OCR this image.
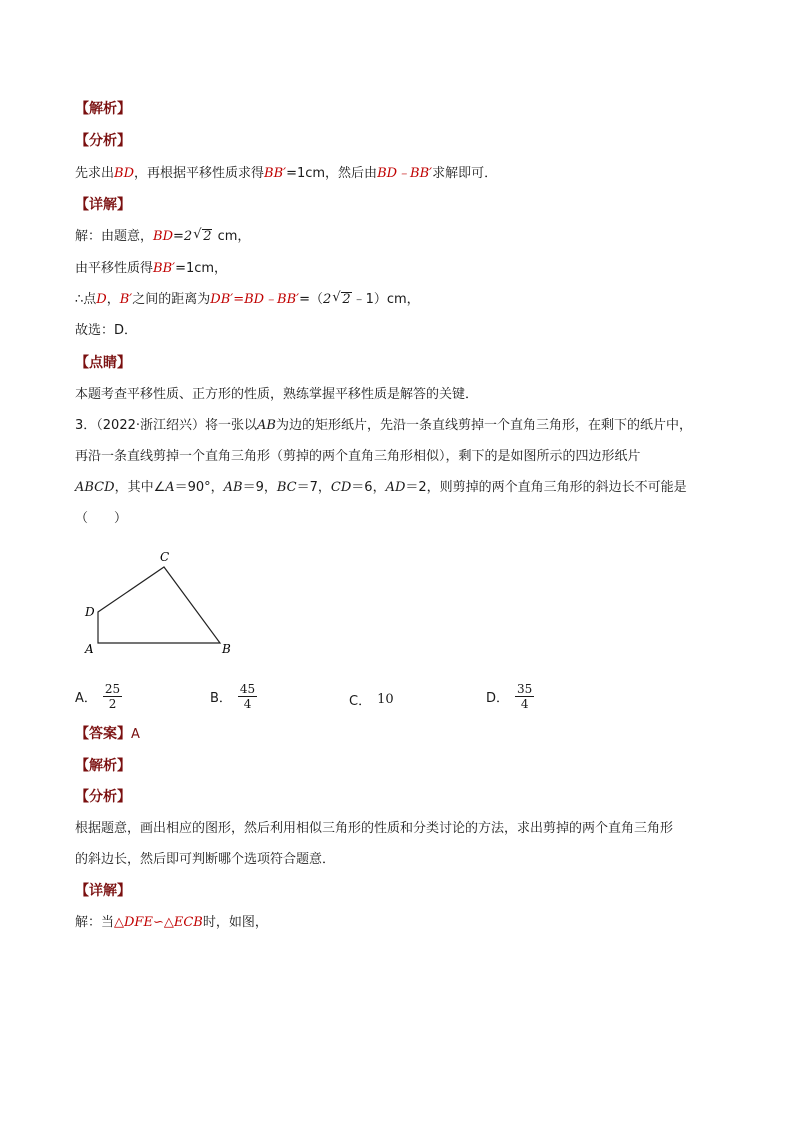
【解析】
【分析】
先求出BD，再根据平移性质求得BB′=1cm，然后由BD﹣BB′求解即可．
【详解】
解：由题意，BD=2 √ 2 cm，
由平移性质得BB′=1cm，
∴点D，B′之间的距离为DB′=BD﹣BB′=（2 √ 2 ﹣1）cm，
故选：D．
【点睛】
本题考查平移性质、正方形的性质，熟练掌握平移性质是解答的关键．
3．（2022·浙江绍兴）将一张以AB为边的矩形纸片，先沿一条直线剪掉一个直角三角形，在剩下的纸片中，
再沿一条直线剪掉一个直角三角形（剪掉的两个直角三角形相似），剩下的是如图所示的四边形纸片
ABCD，其中∠A＝90°，AB＝9，BC＝7，CD＝6，AD＝2，则剪掉的两个直角三角形的斜边长不可能是
（　　）
C
D
A	B
A． $\frac{25}{2}$	B． $\frac{45}{4}$	C． 10	D． $\frac{35}{4}$
【答案】A
【解析】
【分析】
根据题意，画出相应的图形，然后利用相似三角形的性质和分类讨论的方法，求出剪掉的两个直角三角形
的斜边长，然后即可判断哪个选项符合题意．
【详解】
解：当△DFE∽△ECB时，如图，
